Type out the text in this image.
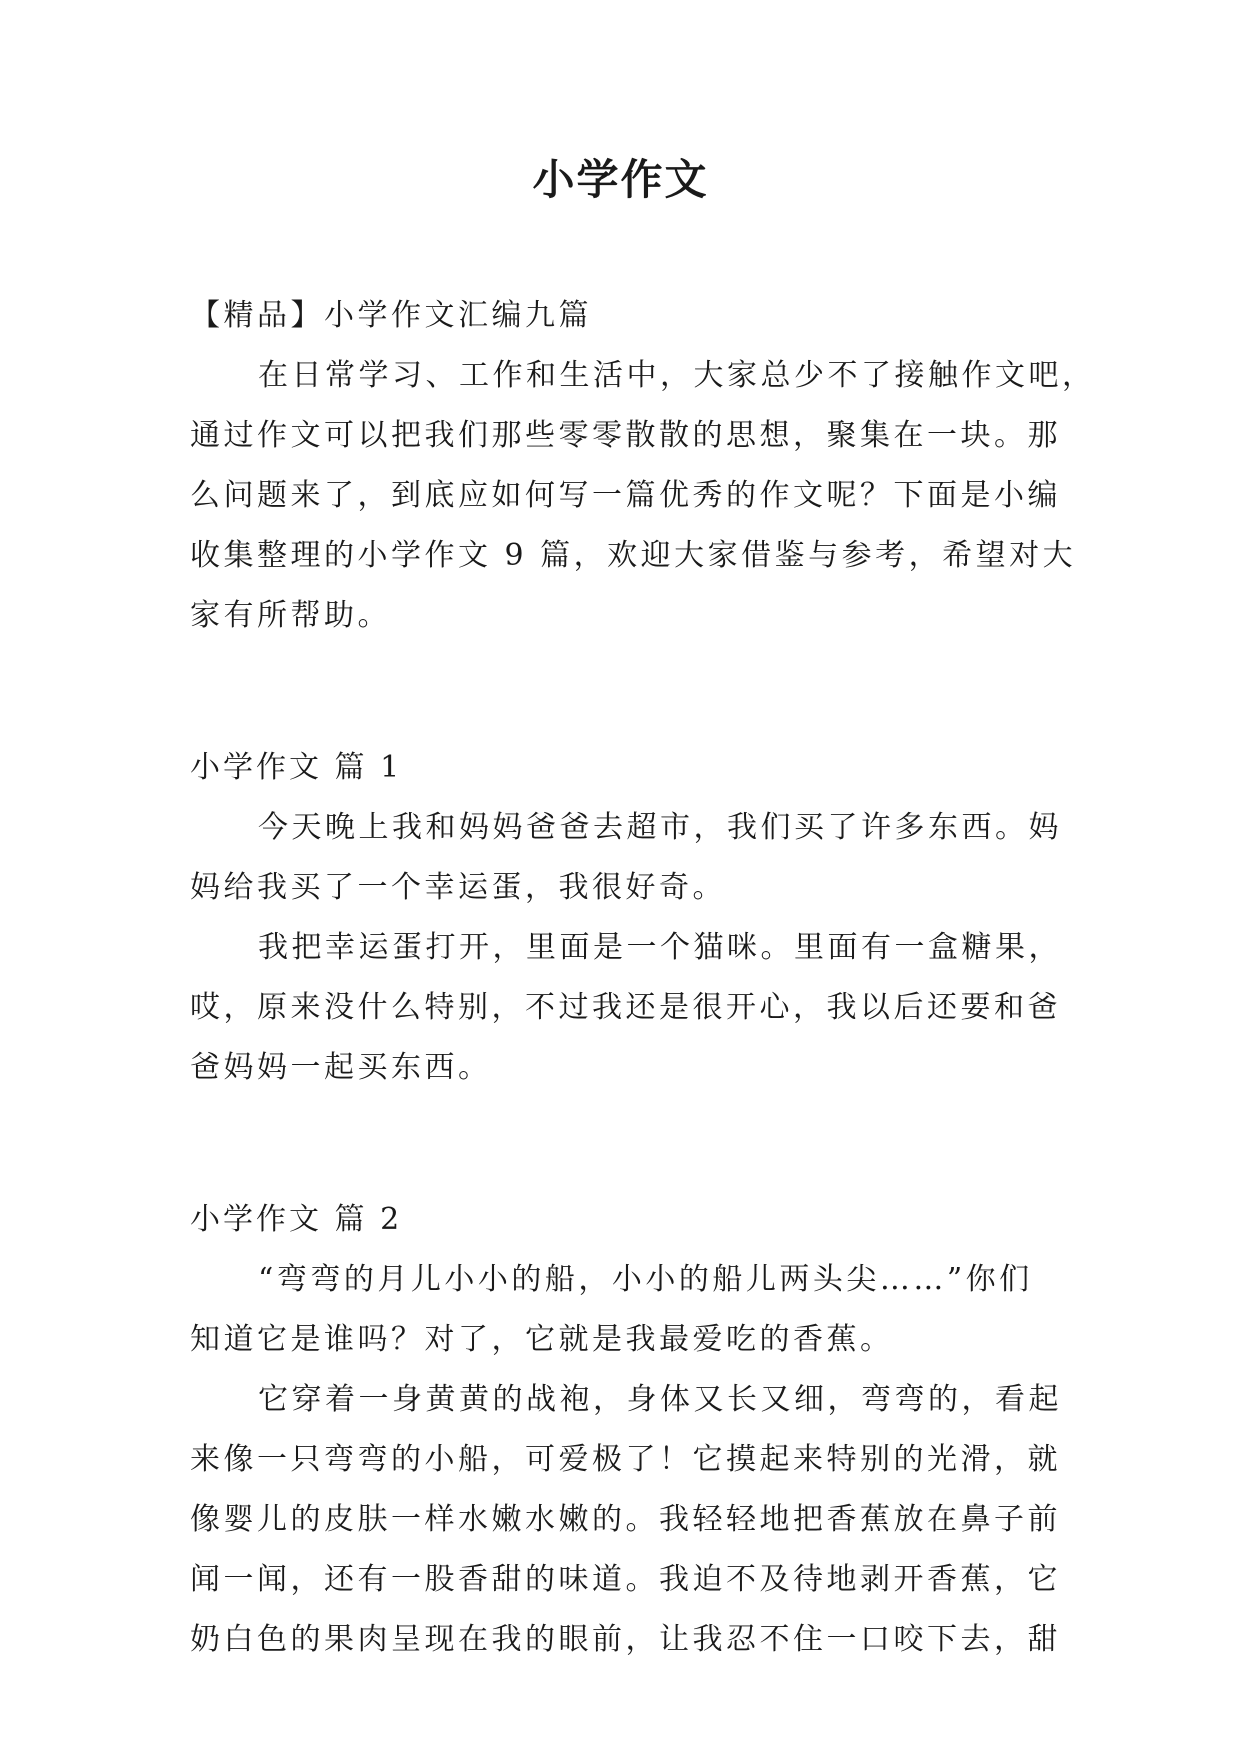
小学作文
【精品】小学作文汇编九篇
在日常学习、工作和生活中，大家总少不了接触作文吧，
通过作文可以把我们那些零零散散的思想，聚集在一块。那
么问题来了，到底应如何写一篇优秀的作文呢？下面是小编
收集整理的小学作文 9 篇，欢迎大家借鉴与参考，希望对大
家有所帮助。
小学作文 篇 1
今天晚上我和妈妈爸爸去超市，我们买了许多东西。妈
妈给我买了一个幸运蛋，我很好奇。
我把幸运蛋打开，里面是一个猫咪。里面有一盒糖果，
哎，原来没什么特别，不过我还是很开心，我以后还要和爸
爸妈妈一起买东西。
小学作文 篇 2
“弯弯的月儿小小的船，小小的船儿两头尖……”你们
知道它是谁吗？对了，它就是我最爱吃的香蕉。
它穿着一身黄黄的战袍，身体又长又细，弯弯的，看起
来像一只弯弯的小船，可爱极了！它摸起来特别的光滑，就
像婴儿的皮肤一样水嫩水嫩的。我轻轻地把香蕉放在鼻子前
闻一闻，还有一股香甜的味道。我迫不及待地剥开香蕉，它
奶白色的果肉呈现在我的眼前，让我忍不住一口咬下去，甜
